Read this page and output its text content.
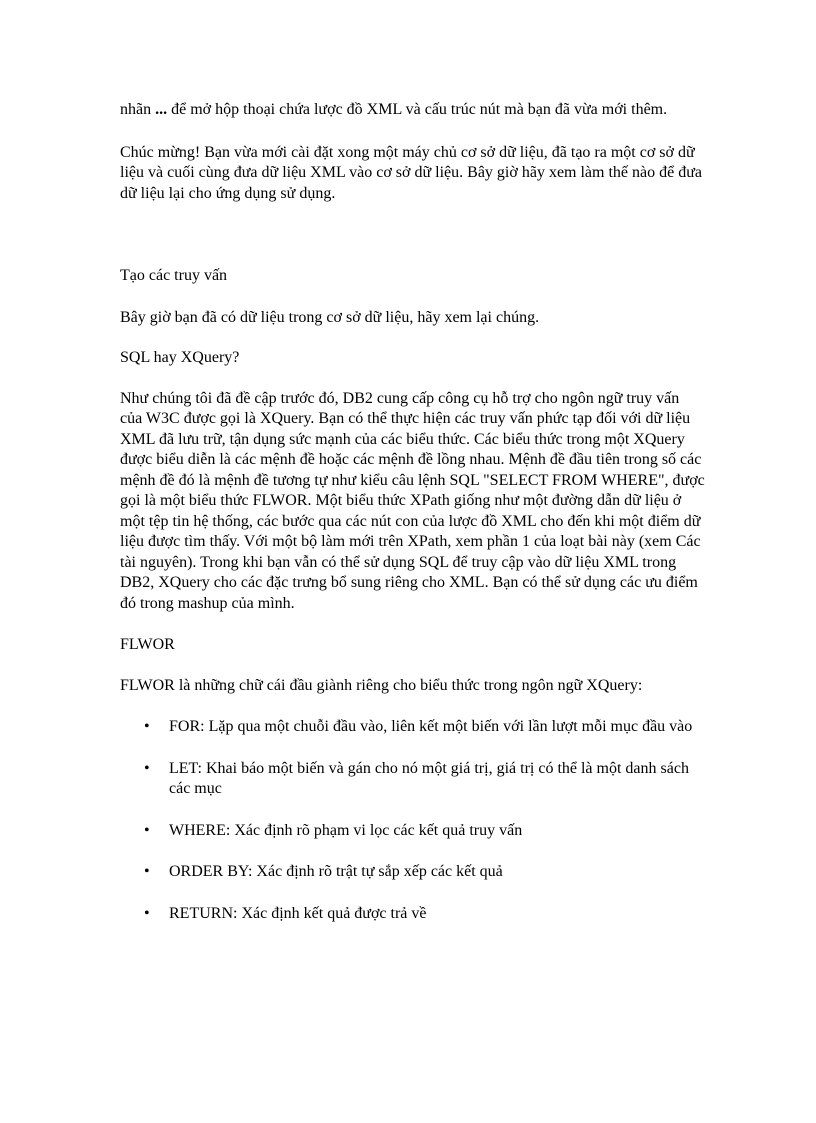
nhãn ... để mở hộp thoại chứa lược đồ XML và cấu trúc nút mà bạn đã vừa mới thêm.

Chúc mừng! Bạn vừa mới cài đặt xong một máy chủ cơ sở dữ liệu, đã tạo ra một cơ sở dữ liệu và cuối cùng đưa dữ liệu XML vào cơ sở dữ liệu. Bây giờ hãy xem làm thế nào để đưa dữ liệu lại cho ứng dụng sử dụng.

Tạo các truy vấn

Bây giờ bạn đã có dữ liệu trong cơ sở dữ liệu, hãy xem lại chúng.

SQL hay XQuery?

Như chúng tôi đã đề cập trước đó, DB2 cung cấp công cụ hỗ trợ cho ngôn ngữ truy vấn của W3C được gọi là XQuery. Bạn có thể thực hiện các truy vấn phức tạp đối với dữ liệu XML đã lưu trữ, tận dụng sức mạnh của các biểu thức. Các biểu thức trong một XQuery được biểu diễn là các mệnh đề hoặc các mệnh đề lồng nhau. Mệnh đề đầu tiên trong số các mệnh đề đó là mệnh đề tương tự như kiểu câu lệnh SQL "SELECT FROM WHERE", được gọi là một biểu thức FLWOR. Một biểu thức XPath giống như một đường dẫn dữ liệu ở một tệp tin hệ thống, các bước qua các nút con của lược đồ XML cho đến khi một điểm dữ liệu được tìm thấy. Với một bộ làm mới trên XPath, xem phần 1 của loạt bài này (xem Các tài nguyên). Trong khi bạn vẫn có thể sử dụng SQL để truy cập vào dữ liệu XML trong DB2, XQuery cho các đặc trưng bổ sung riêng cho XML. Bạn có thể sử dụng các ưu điểm đó trong mashup của mình.

FLWOR

FLWOR là những chữ cái đầu giành riêng cho biểu thức trong ngôn ngữ XQuery:

• FOR: Lặp qua một chuỗi đầu vào, liên kết một biến với lần lượt mỗi mục đầu vào
• LET: Khai báo một biến và gán cho nó một giá trị, giá trị có thể là một danh sách các mục
• WHERE: Xác định rõ phạm vi lọc các kết quả truy vấn
• ORDER BY: Xác định rõ trật tự sắp xếp các kết quả
• RETURN: Xác định kết quả được trả về
